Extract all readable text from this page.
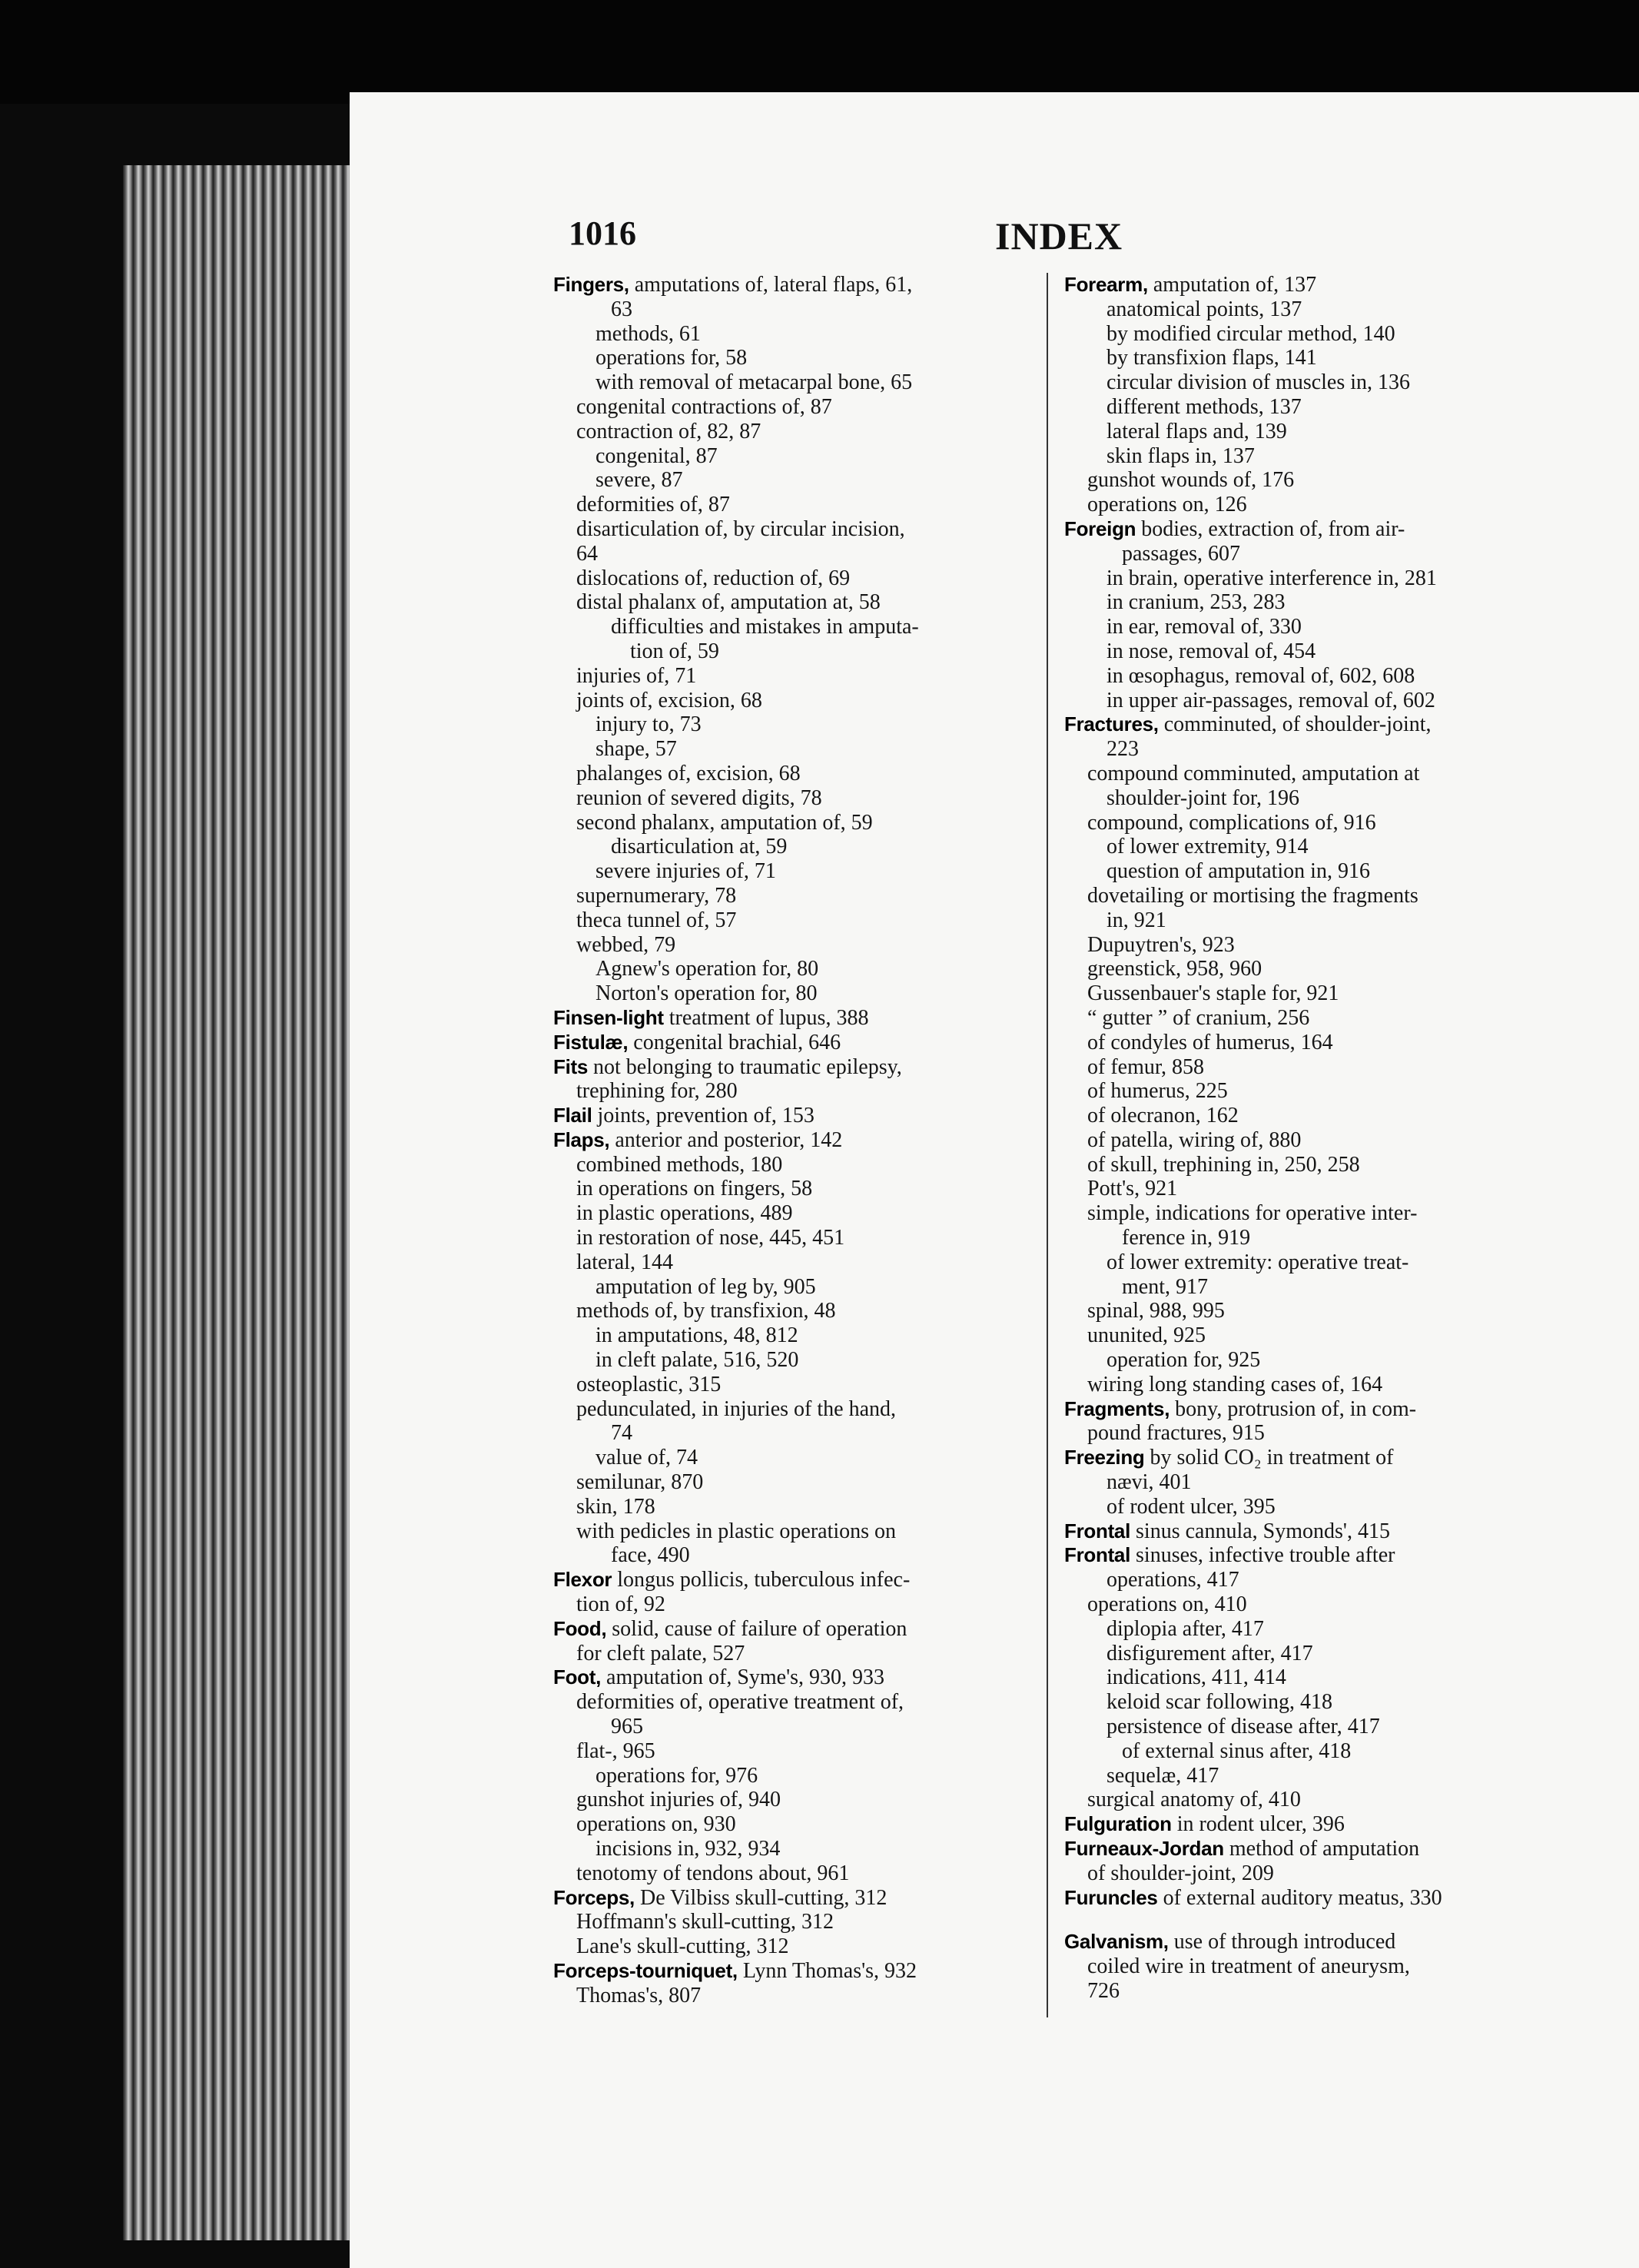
1016	INDEX
Fingers, amputations of, lateral flaps, 61,
63
methods, 61
operations for, 58
with removal of metacarpal bone, 65
congenital contractions of, 87
contraction of, 82, 87
congenital, 87
severe, 87
deformities of, 87
disarticulation of, by circular incision,
64
dislocations of, reduction of, 69
distal phalanx of, amputation at, 58
difficulties and mistakes in amputa-
tion of, 59
injuries of, 71
joints of, excision, 68
injury to, 73
shape, 57
phalanges of, excision, 68
reunion of severed digits, 78
second phalanx, amputation of, 59
disarticulation at, 59
severe injuries of, 71
supernumerary, 78
theca tunnel of, 57
webbed, 79
Agnew's operation for, 80
Norton's operation for, 80
Finsen-light treatment of lupus, 388
Fistulæ, congenital brachial, 646
Fits not belonging to traumatic epilepsy,
trephining for, 280
Flail joints, prevention of, 153
Flaps, anterior and posterior, 142
combined methods, 180
in operations on fingers, 58
in plastic operations, 489
in restoration of nose, 445, 451
lateral, 144
amputation of leg by, 905
methods of, by transfixion, 48
in amputations, 48, 812
in cleft palate, 516, 520
osteoplastic, 315
pedunculated, in injuries of the hand,
74
value of, 74
semilunar, 870
skin, 178
with pedicles in plastic operations on
face, 490
Flexor longus pollicis, tuberculous infec-
tion of, 92
Food, solid, cause of failure of operation
for cleft palate, 527
Foot, amputation of, Syme's, 930, 933
deformities of, operative treatment of,
965
flat-, 965
operations for, 976
gunshot injuries of, 940
operations on, 930
incisions in, 932, 934
tenotomy of tendons about, 961
Forceps, De Vilbiss skull-cutting, 312
Hoffmann's skull-cutting, 312
Lane's skull-cutting, 312
Forceps-tourniquet, Lynn Thomas's, 932
Thomas's, 807
Forearm, amputation of, 137
anatomical points, 137
by modified circular method, 140
by transfixion flaps, 141
circular division of muscles in, 136
different methods, 137
lateral flaps and, 139
skin flaps in, 137
gunshot wounds of, 176
operations on, 126
Foreign bodies, extraction of, from air-
passages, 607
in brain, operative interference in, 281
in cranium, 253, 283
in ear, removal of, 330
in nose, removal of, 454
in œsophagus, removal of, 602, 608
in upper air-passages, removal of, 602
Fractures, comminuted, of shoulder-joint,
223
compound comminuted, amputation at
shoulder-joint for, 196
compound, complications of, 916
of lower extremity, 914
question of amputation in, 916
dovetailing or mortising the fragments
in, 921
Dupuytren's, 923
greenstick, 958, 960
Gussenbauer's staple for, 921
“ gutter ” of cranium, 256
of condyles of humerus, 164
of femur, 858
of humerus, 225
of olecranon, 162
of patella, wiring of, 880
of skull, trephining in, 250, 258
Pott's, 921
simple, indications for operative inter-
ference in, 919
of lower extremity: operative treat-
ment, 917
spinal, 988, 995
ununited, 925
operation for, 925
wiring long standing cases of, 164
Fragments, bony, protrusion of, in com-
pound fractures, 915
Freezing by solid CO₂ in treatment of
nævi, 401
of rodent ulcer, 395
Frontal sinus cannula, Symonds', 415
Frontal sinuses, infective trouble after
operations, 417
operations on, 410
diplopia after, 417
disfigurement after, 417
indications, 411, 414
keloid scar following, 418
persistence of disease after, 417
of external sinus after, 418
sequelæ, 417
surgical anatomy of, 410
Fulguration in rodent ulcer, 396
Furneaux-Jordan method of amputation
of shoulder-joint, 209
Furuncles of external auditory meatus, 330
Galvanism, use of through introduced
coiled wire in treatment of aneurysm,
726
